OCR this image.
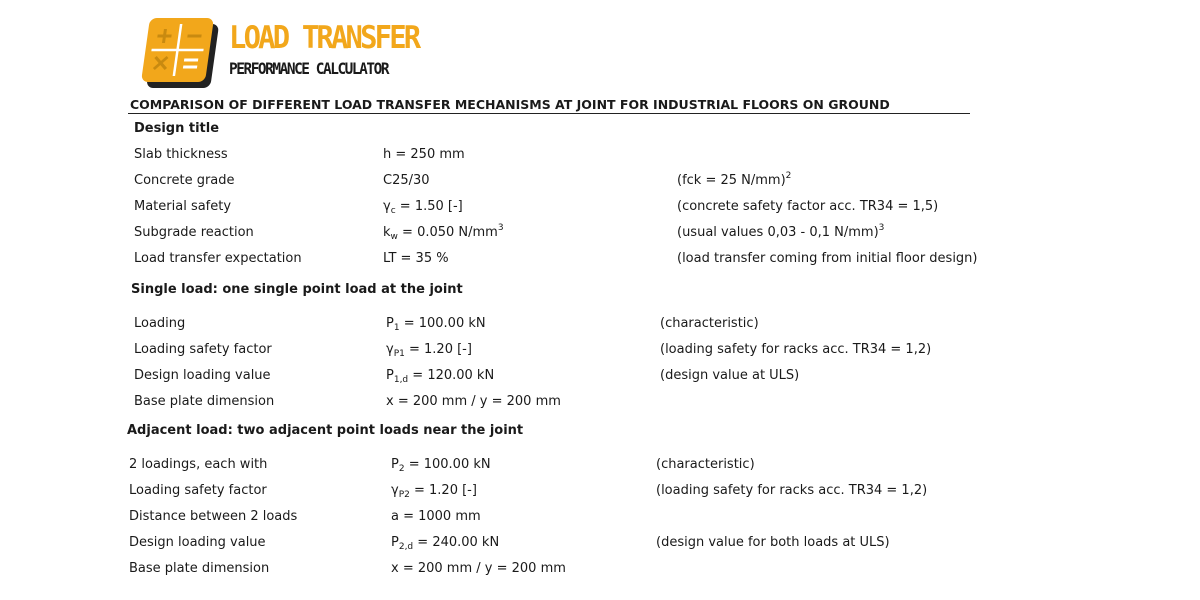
LOAD TRANSFER
PERFORMANCE CALCULATOR
COMPARISON OF DIFFERENT LOAD TRANSFER MECHANISMS AT JOINT FOR INDUSTRIAL FLOORS ON GROUND
Design title
Single load: one single point load at the joint
Adjacent load: two adjacent point loads near the joint
Slab thickness	h = 250 mm
Concrete grade	C25/30	(fck = 25 N/mm)$^2$
Material safety	$\gamma_c = 1.50$ [-]	(concrete safety factor acc. TR34 = 1,5)
Subgrade reaction	$k_w = 0.050$ $N/mm^3$	(usual values 0,03 - 0,1 N/mm)$^3$
Load transfer expectation	LT = 35 %	(load transfer coming from initial floor design)
Loading	$P_1 = 100.00$ kN	(characteristic)
Loading safety factor	$\gamma_{P1} = 1.20$ [-]	(loading safety for racks acc. TR34 = 1,2)
Design loading value	$P_{1,d} = 120.00$ kN	(design value at ULS)
Base plate dimension	x = 200 mm / y = 200 mm
2 loadings, each with	$P_2 = 100.00$ kN	(characteristic)
Loading safety factor	$\gamma_{P2} = 1.20$ [-]	(loading safety for racks acc. TR34 = 1,2)
Distance between 2 loads	a = 1000 mm
Design loading value	$P_{2,d} = 240.00$ kN	(design value for both loads at ULS)
Base plate dimension	x = 200 mm / y = 200 mm
